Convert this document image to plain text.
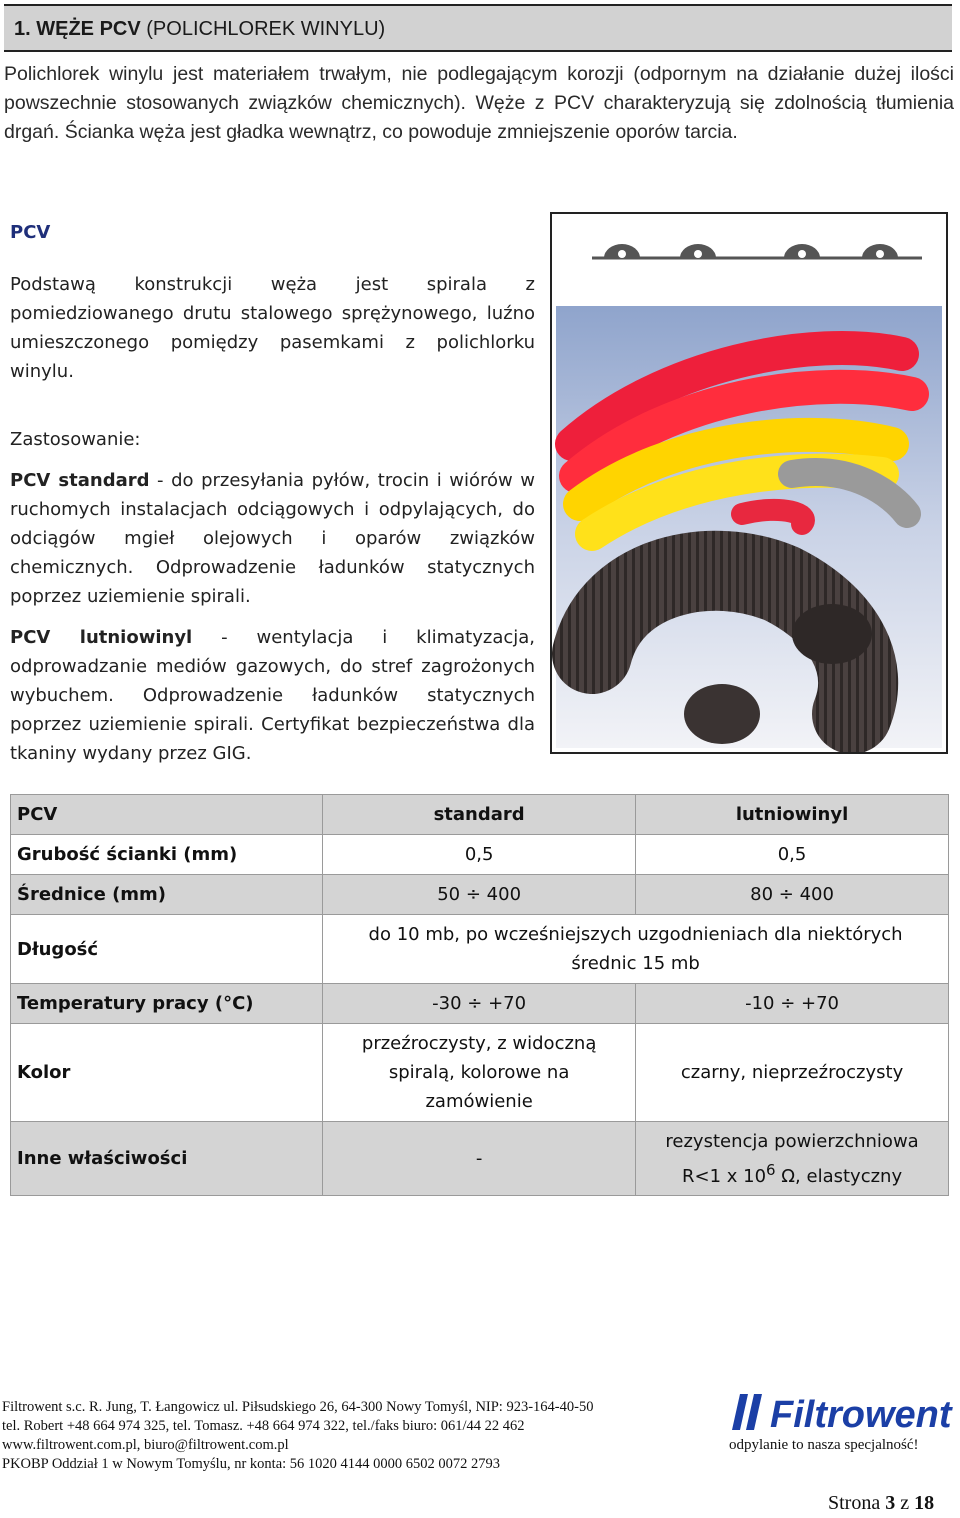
1. WĘŻE PCV (POLICHLOREK WINYLU)
Polichlorek winylu jest materiałem trwałym, nie podlegającym korozji (odpornym na działanie dużej ilości powszechnie stosowanych związków chemicznych). Węże z PCV charakteryzują się zdolnością tłumienia drgań. Ścianka węża jest gładka wewnątrz, co powoduje zmniejszenie oporów tarcia.

PCV

Podstawą konstrukcji węża jest spirala z pomiedziowanego drutu stalowego sprężynowego, luźno umieszczonego pomiędzy pasemkami z polichlorku winylu.

Zastosowanie:

PCV standard - do przesyłania pyłów, trocin i wiórów w ruchomych instalacjach odciągowych i odpylających, do odciągów mgieł olejowych i oparów związków chemicznych. Odprowadzenie ładunków statycznych poprzez uziemienie spirali.

PCV lutniowinyl - wentylacja i klimatyzacja, odprowadzanie mediów gazowych, do stref zagrożonych wybuchem. Odprowadzenie ładunków statycznych poprzez uziemienie spirali. Certyfikat bezpieczeństwa dla tkaniny wydany przez GIG.

PCV	standard	lutniowinyl
Grubość ścianki (mm)	0,5	0,5
Średnice (mm)	50 ÷ 400	80 ÷ 400
Długość	do 10 mb, po wcześniejszych uzgodnieniach dla niektórych średnic 15 mb	

Temperatury pracy (°C)	-30 ÷ +70	-10 ÷ +70
Kolor	przeźroczysty, z widoczną spiralą, kolorowe na zamówienie	czarny, nieprzeźroczysty
Inne właściwości	-	rezystencja powierzchniowa
R<1 x $10^6$ Ω, elastyczny
Filtrowent s.c. R. Jung, T. Łangowicz ul. Piłsudskiego 26, 64-300 Nowy Tomyśl, NIP: 923-164-40-50
tel. Robert +48 664 974 325, tel. Tomasz. +48 664 974 322, tel./faks biuro: 061/44 22 462
www.filtrowent.com.pl, biuro@filtrowent.com.pl
PKOBP Oddział 1 w Nowym Tomyślu, nr konta: 56 1020 4144 0000 6502 0072 2793
Filtrowent
odpylanie to nasza specjalność!
Strona 3 z 18
